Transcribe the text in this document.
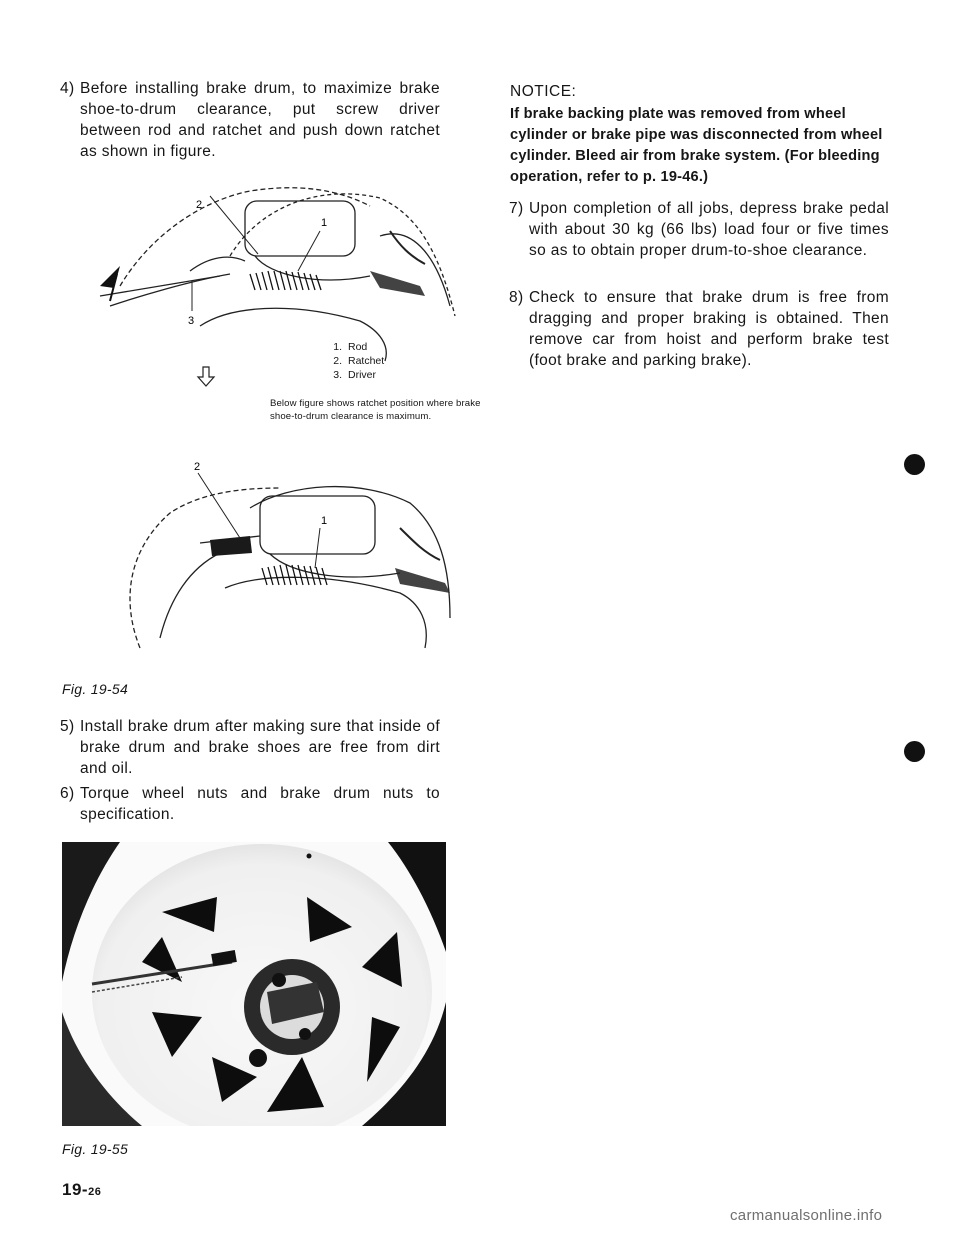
4) Before installing brake drum, to maximize brake shoe-to-drum clearance, put screw driver between rod and ratchet and push down ratchet as shown in figure.
2
1
3
1. Rod
2. Ratchet
3. Driver
Below figure shows ratchet position where brake shoe-to-drum clearance is maximum.
2
1
Fig. 19-54
5) Install brake drum after making sure that inside of brake drum and brake shoes are free from dirt and oil.
6) Torque wheel nuts and brake drum nuts to specification.
Fig. 19-55
19-26
NOTICE:
If brake backing plate was removed from wheel cylinder or brake pipe was disconnected from wheel cylinder. Bleed air from brake system. (For bleeding operation, refer to p. 19-46.)
7) Upon completion of all jobs, depress brake pedal with about 30 kg (66 lbs) load four or five times so as to obtain proper drum-to-shoe clearance.
8) Check to ensure that brake drum is free from dragging and proper braking is obtained. Then remove car from hoist and perform brake test (foot brake and parking brake).
carmanualsonline.info
